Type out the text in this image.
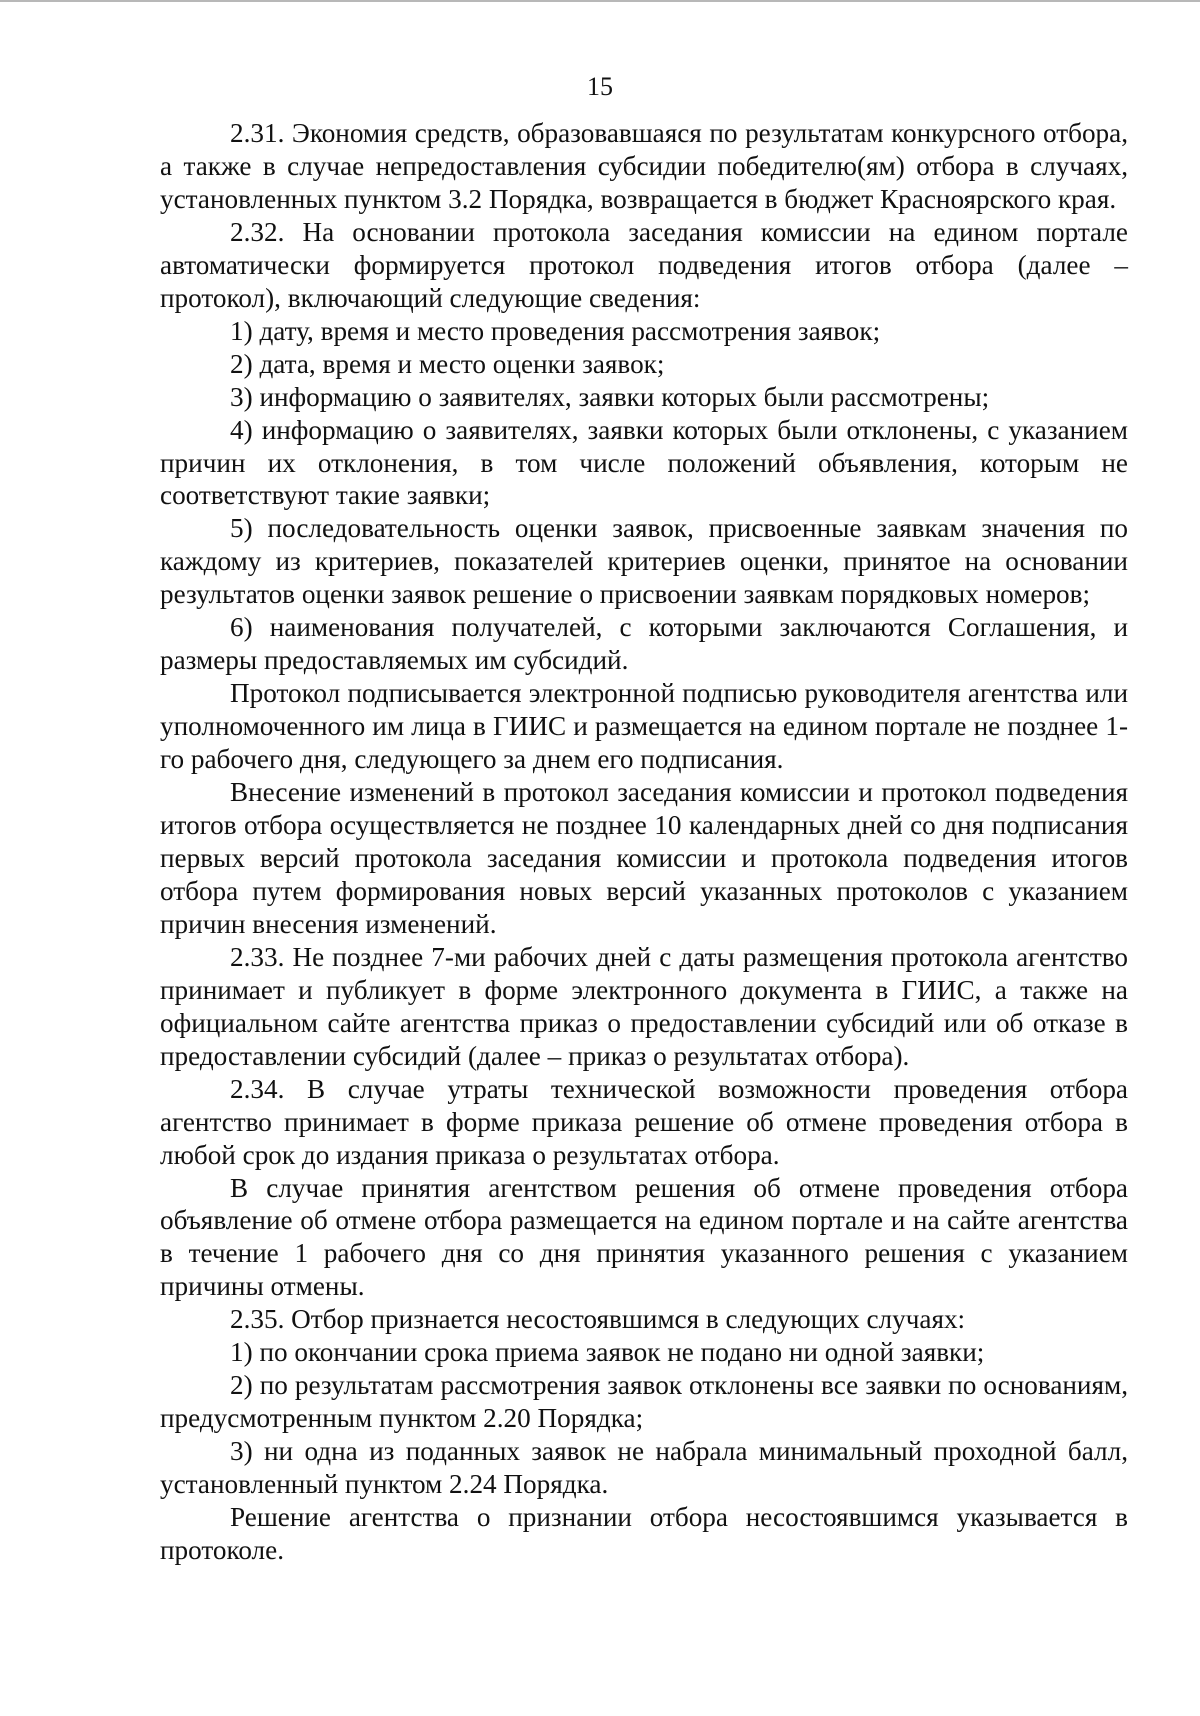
15

2.31. Экономия средств, образовавшаяся по результатам конкурсного отбора, а также в случае непредоставления субсидии победителю(ям) отбора в случаях, установленных пунктом 3.2 Порядка, возвращается в бюджет Красноярского края.

2.32. На основании протокола заседания комиссии на едином портале автоматически формируется протокол подведения итогов отбора (далее – протокол), включающий следующие сведения:

1) дату, время и место проведения рассмотрения заявок;

2) дата, время и место оценки заявок;

3) информацию о заявителях, заявки которых были рассмотрены;

4) информацию о заявителях, заявки которых были отклонены, с указанием причин их отклонения, в том числе положений объявления, которым не соответствуют такие заявки;

5) последовательность оценки заявок, присвоенные заявкам значения по каждому из критериев, показателей критериев оценки, принятое на основании результатов оценки заявок решение о присвоении заявкам порядковых номеров;

6) наименования получателей, с которыми заключаются Соглашения, и размеры предоставляемых им субсидий.

Протокол подписывается электронной подписью руководителя агентства или уполномоченного им лица в ГИИС и размещается на едином портале не позднее 1-го рабочего дня, следующего за днем его подписания.

Внесение изменений в протокол заседания комиссии и протокол подведения итогов отбора осуществляется не позднее 10 календарных дней со дня подписания первых версий протокола заседания комиссии и протокола подведения итогов отбора путем формирования новых версий указанных протоколов с указанием причин внесения изменений.

2.33. Не позднее 7-ми рабочих дней с даты размещения протокола агентство принимает и публикует в форме электронного документа в ГИИС, а также на официальном сайте агентства приказ о предоставлении субсидий или об отказе в предоставлении субсидий (далее – приказ о результатах отбора).

2.34. В случае утраты технической возможности проведения отбора агентство принимает в форме приказа решение об отмене проведения отбора в любой срок до издания приказа о результатах отбора.

В случае принятия агентством решения об отмене проведения отбора объявление об отмене отбора размещается на едином портале и на сайте агентства в течение 1 рабочего дня со дня принятия указанного решения с указанием причины отмены.

2.35. Отбор признается несостоявшимся в следующих случаях:

1) по окончании срока приема заявок не подано ни одной заявки;

2) по результатам рассмотрения заявок отклонены все заявки по основаниям, предусмотренным пунктом 2.20 Порядка;

3) ни одна из поданных заявок не набрала минимальный проходной балл, установленный пунктом 2.24 Порядка.

Решение агентства о признании отбора несостоявшимся указывается в протоколе.
